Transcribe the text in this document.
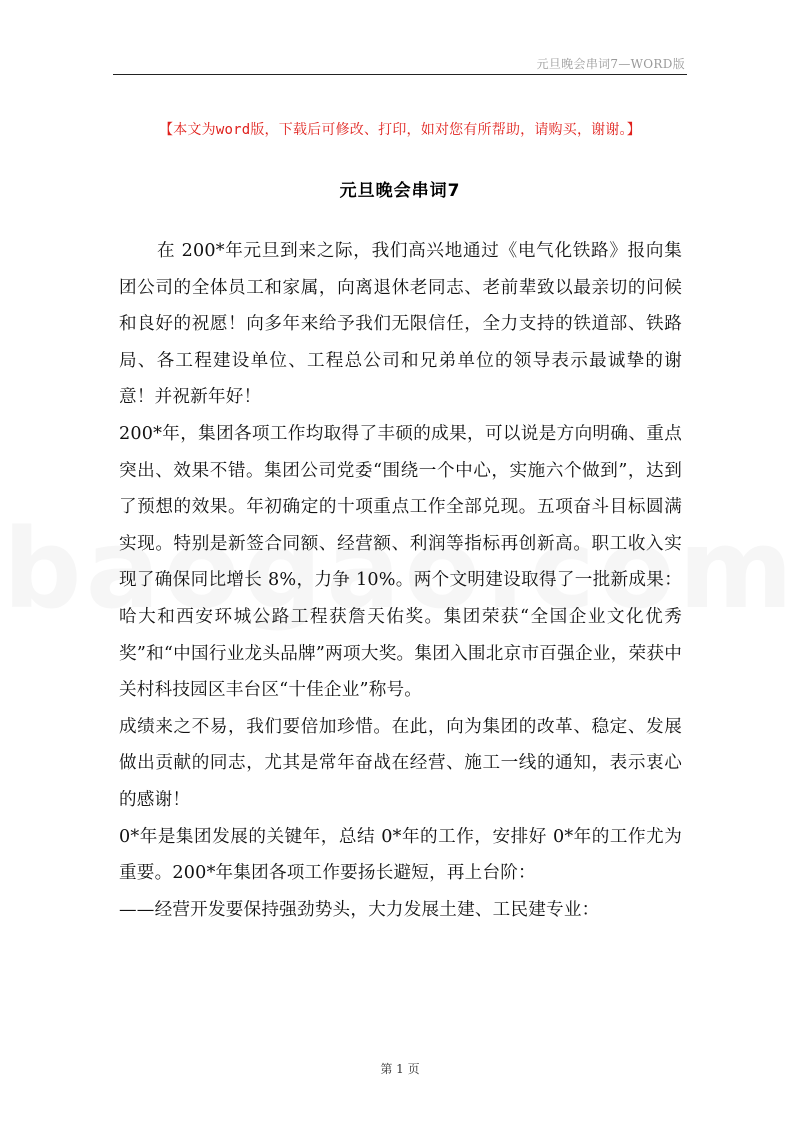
元旦晚会串词7—WORD版
【本文为word版，下载后可修改、打印，如对您有所帮助，请购买，谢谢。】
元旦晚会串词7

在 200*年元旦到来之际，我们高兴地通过《电气化铁路》报向集团公司的全体员工和家属，向离退休老同志、老前辈致以最亲切的问候和良好的祝愿！向多年来给予我们无限信任，全力支持的铁道部、铁路局、各工程建设单位、工程总公司和兄弟单位的领导表示最诚挚的谢意！并祝新年好！

200*年，集团各项工作均取得了丰硕的成果，可以说是方向明确、重点突出、效果不错。集团公司党委“围绕一个中心，实施六个做到”，达到了预想的效果。年初确定的十项重点工作全部兑现。五项奋斗目标圆满实现。特别是新签合同额、经营额、利润等指标再创新高。职工收入实现了确保同比增长 8%，力争 10%。两个文明建设取得了一批新成果：哈大和西安环城公路工程获詹天佑奖。集团荣获“全国企业文化优秀奖”和“中国行业龙头品牌”两项大奖。集团入围北京市百强企业，荣获中关村科技园区丰台区“十佳企业”称号。

成绩来之不易，我们要倍加珍惜。在此，向为集团的改革、稳定、发展做出贡献的同志，尤其是常年奋战在经营、施工一线的通知，表示衷心的感谢！

0*年是集团发展的关键年，总结 0*年的工作，安排好 0*年的工作尤为重要。200*年集团各项工作要扬长避短，再上台阶：

——经营开发要保持强劲势头，大力发展土建、工民建专业：

第 1 页
